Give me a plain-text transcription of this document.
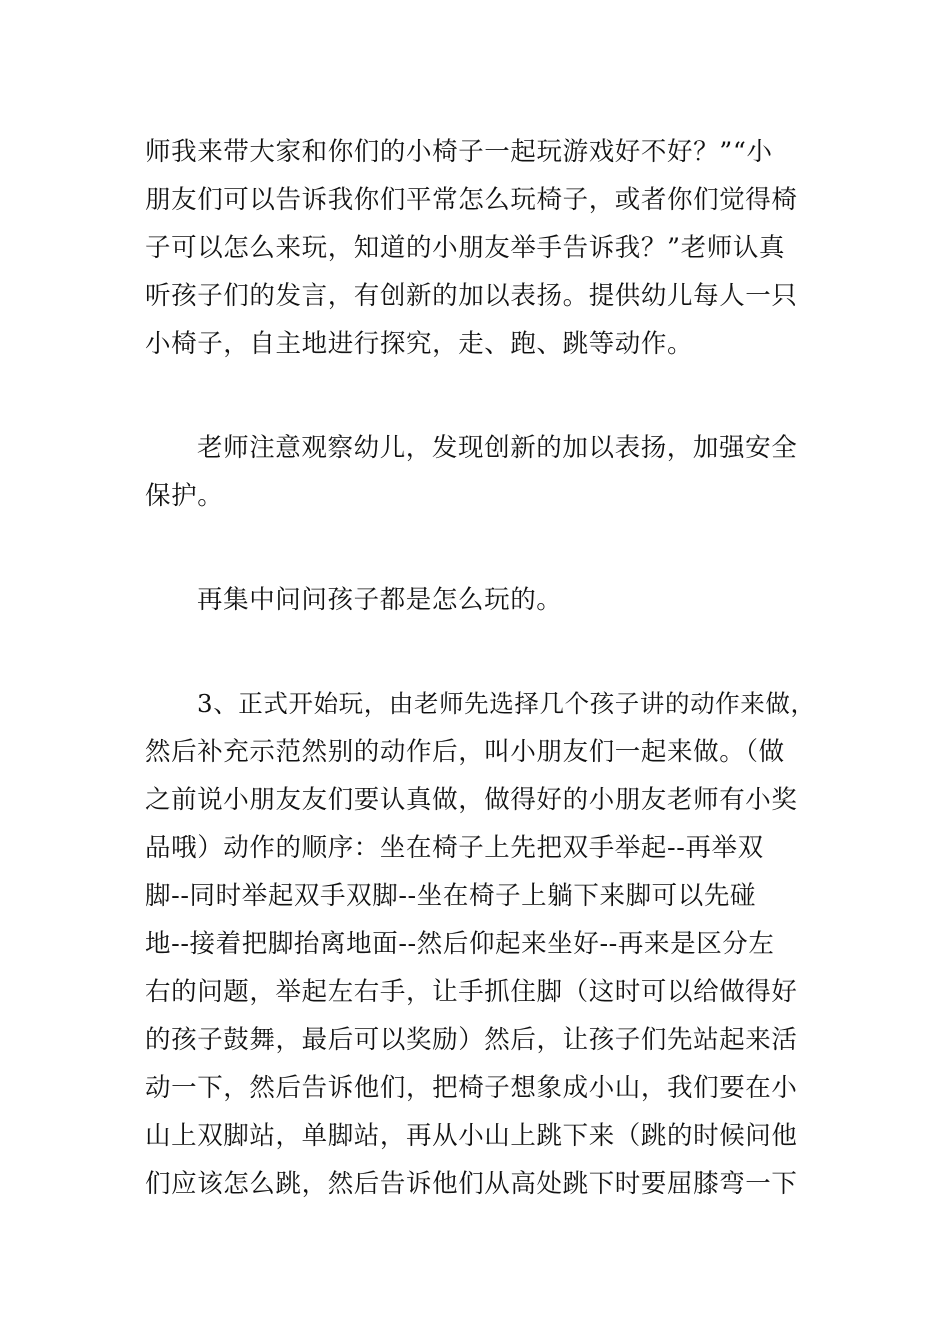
师我来带大家和你们的小椅子一起玩游戏好不好？”“小
朋友们可以告诉我你们平常怎么玩椅子，或者你们觉得椅
子可以怎么来玩，知道的小朋友举手告诉我？”老师认真
听孩子们的发言，有创新的加以表扬。提供幼儿每人一只
小椅子，自主地进行探究，走、跑、跳等动作。
老师注意观察幼儿，发现创新的加以表扬，加强安全
保护。
再集中问问孩子都是怎么玩的。
3、正式开始玩，由老师先选择几个孩子讲的动作来做，
然后补充示范然别的动作后，叫小朋友们一起来做。（做
之前说小朋友友们要认真做，做得好的小朋友老师有小奖
品哦）动作的顺序：坐在椅子上先把双手举起--再举双
脚--同时举起双手双脚--坐在椅子上躺下来脚可以先碰
地--接着把脚抬离地面--然后仰起来坐好--再来是区分左
右的问题，举起左右手，让手抓住脚（这时可以给做得好
的孩子鼓舞，最后可以奖励）然后，让孩子们先站起来活
动一下，然后告诉他们，把椅子想象成小山，我们要在小
山上双脚站，单脚站，再从小山上跳下来（跳的时候问他
们应该怎么跳，然后告诉他们从高处跳下时要屈膝弯一下
